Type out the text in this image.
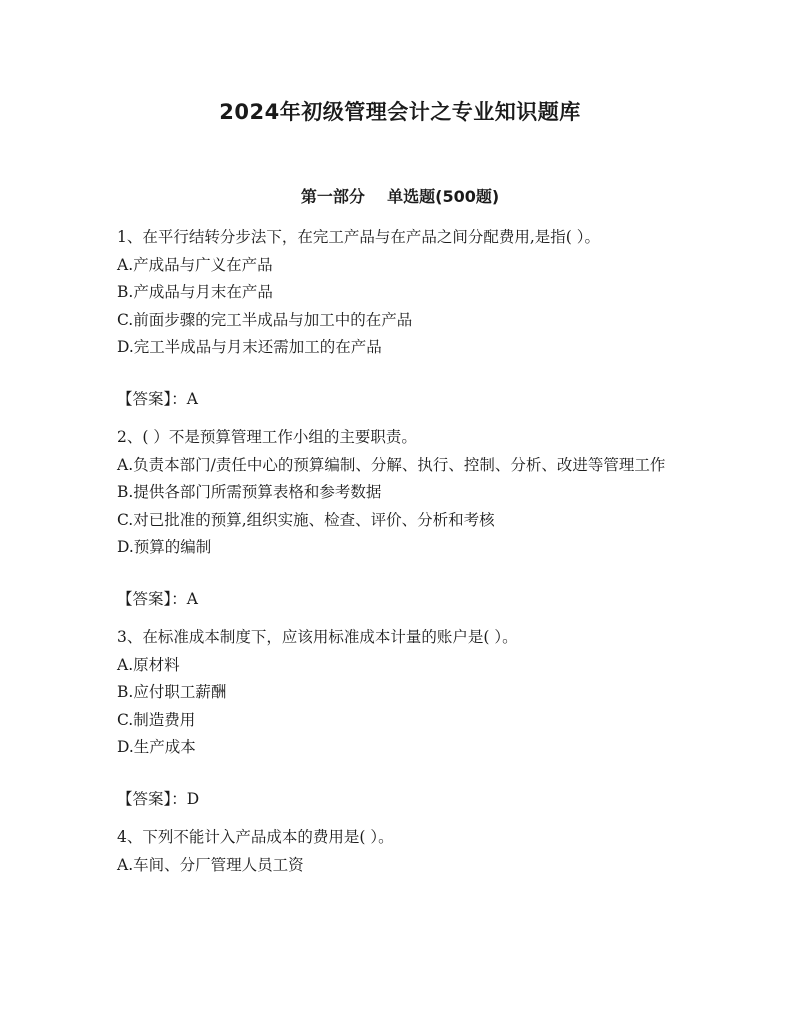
2024年初级管理会计之专业知识题库
第一部分    单选题(500题)

1、在平行结转分步法下，在完工产品与在产品之间分配费用,是指( ）。

A.产成品与广义在产品

B.产成品与月末在产品

C.前面步骤的完工半成品与加工中的在产品

D.完工半成品与月末还需加工的在产品

【答案】：A

2、( ）不是预算管理工作小组的主要职责。

A.负责本部门/责任中心的预算编制、分解、执行、控制、分析、改进等管理工作

B.提供各部门所需预算表格和参考数据

C.对已批准的预算,组织实施、检查、评价、分析和考核

D.预算的编制

【答案】：A

3、在标准成本制度下，应该用标准成本计量的账户是( ）。

A.原材料

B.应付职工薪酬

C.制造费用

D.生产成本

【答案】：D

4、下列不能计入产品成本的费用是( ）。

A.车间、分厂管理人员工资
